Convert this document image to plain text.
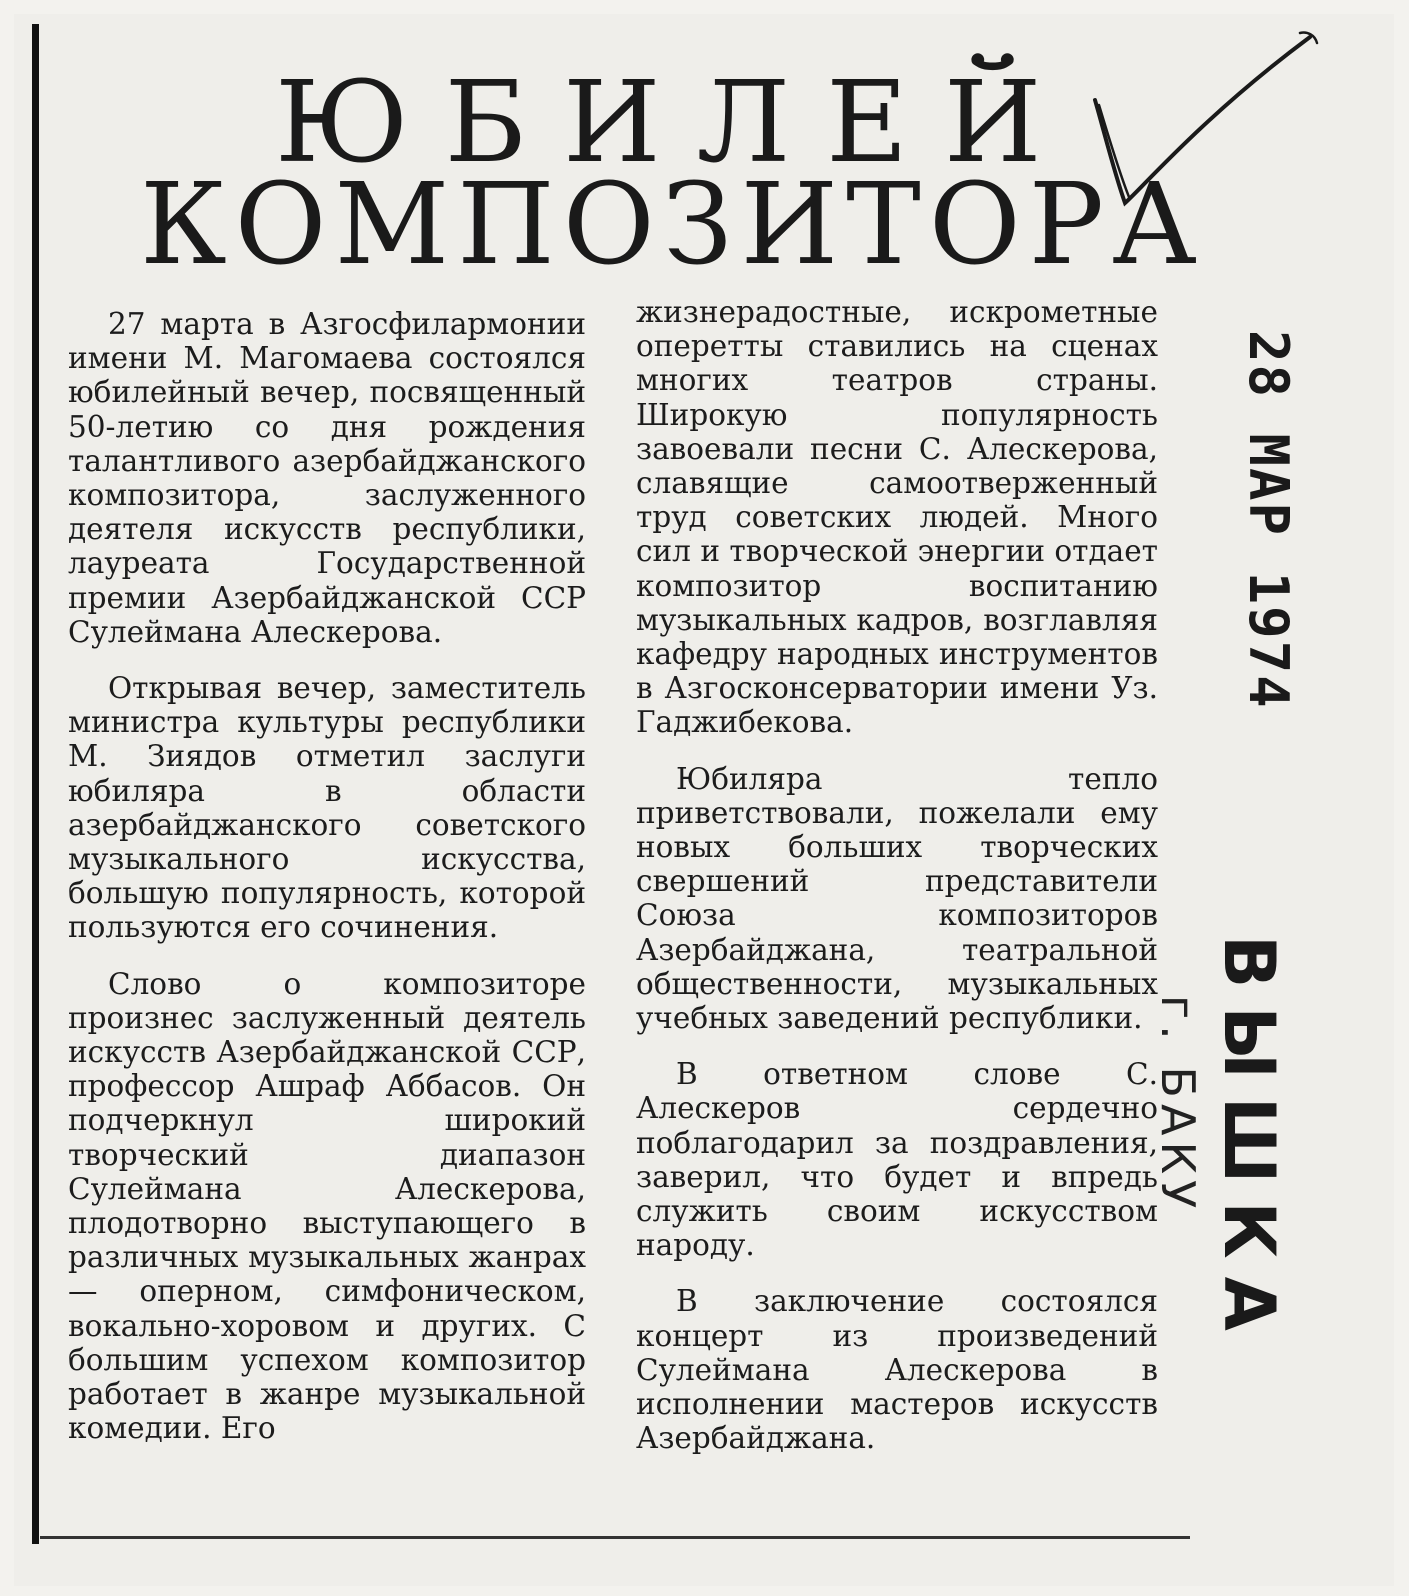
ЮБИЛЕЙ
КОМПОЗИТОРА

27 марта в Азгосфилармонии имени М. Магомаева состоялся юбилейный вечер, посвященный 50-летию со дня рождения талантливого азербайджанского композитора, заслуженного деятеля искусств республики, лауреата Государственной премии Азербайджанской ССР Сулеймана Алескерова.

Открывая вечер, заместитель министра культуры республики М. Зиядов отметил заслуги юбиляра в области азербайджанского советского музыкального искусства, большую популярность, которой пользуются его сочинения.

Слово о композиторе произнес заслуженный деятель искусств Азербайджанской ССР, профессор Ашраф Аббасов. Он подчеркнул широкий творческий диапазон Сулеймана Алескерова, плодотворно выступающего в различных музыкальных жанрах — оперном, симфоническом, вокально-хоровом и других. С большим успехом композитор работает в жанре музыкальной комедии. Его

жизнерадостные, искрометные оперетты ставились на сценах многих театров страны. Широкую популярность завоевали песни С. Алескерова, славящие самоотверженный труд советских людей. Много сил и творческой энергии отдает композитор воспитанию музыкальных кадров, возглавляя кафедру народных инструментов в Азгосконсерватории имени Уз. Гаджибекова.

Юбиляра тепло приветствовали, пожелали ему новых больших творческих свершений представители Союза композиторов Азербайджана, театральной общественности, музыкальных учебных заведений республики.

В ответном слове С. Алескеров сердечно поблагодарил за поздравления, заверил, что будет и впредь служить своим искусством народу.

В заключение состоялся концерт из произведений Сулеймана Алескерова в исполнении мастеров искусств Азербайджана.

28 МАР 1974
ВЫШКА
г. БАКУ
